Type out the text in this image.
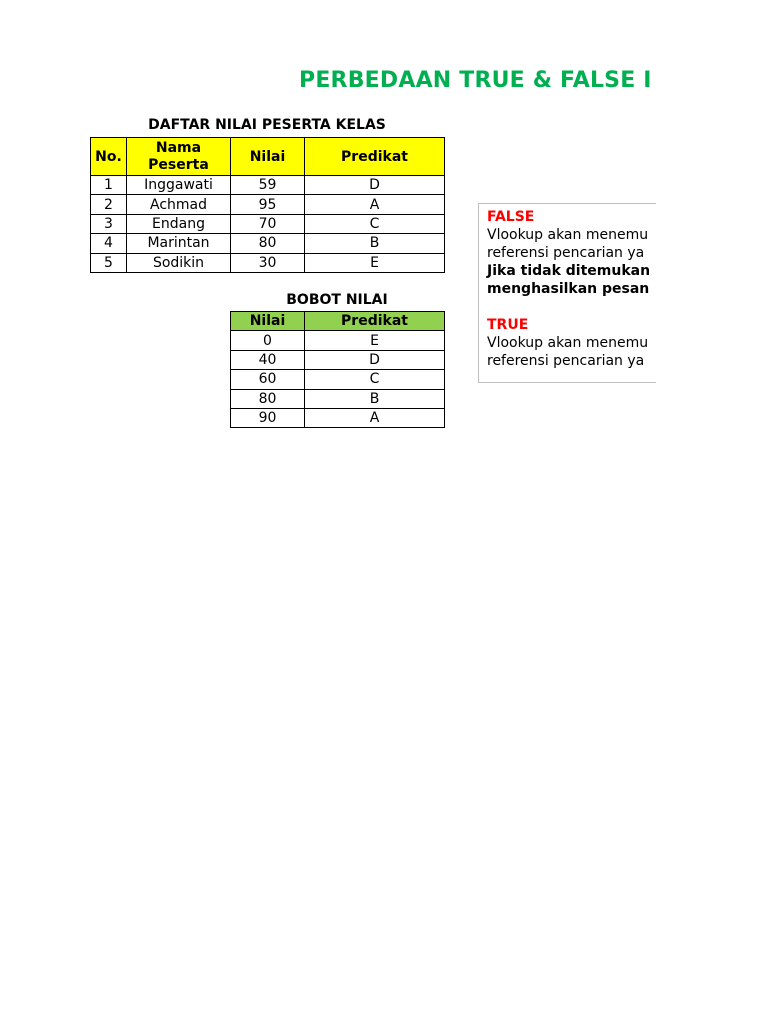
PERBEDAAN TRUE & FALSE I
DAFTAR NILAI PESERTA KELAS
No.	Nama Peserta	Nilai	Predikat
1	Inggawati	59	D
2	Achmad	95	A
3	Endang	70	C
4	Marintan	80	B
5	Sodikin	30	E
BOBOT NILAI
Nilai	Predikat
0	E
40	D
60	C
80	B
90	A
FALSE
Vlookup akan menemu
referensi pencarian ya
Jika tidak ditemukan
menghasilkan pesan
TRUE
Vlookup akan menemu
referensi pencarian ya
